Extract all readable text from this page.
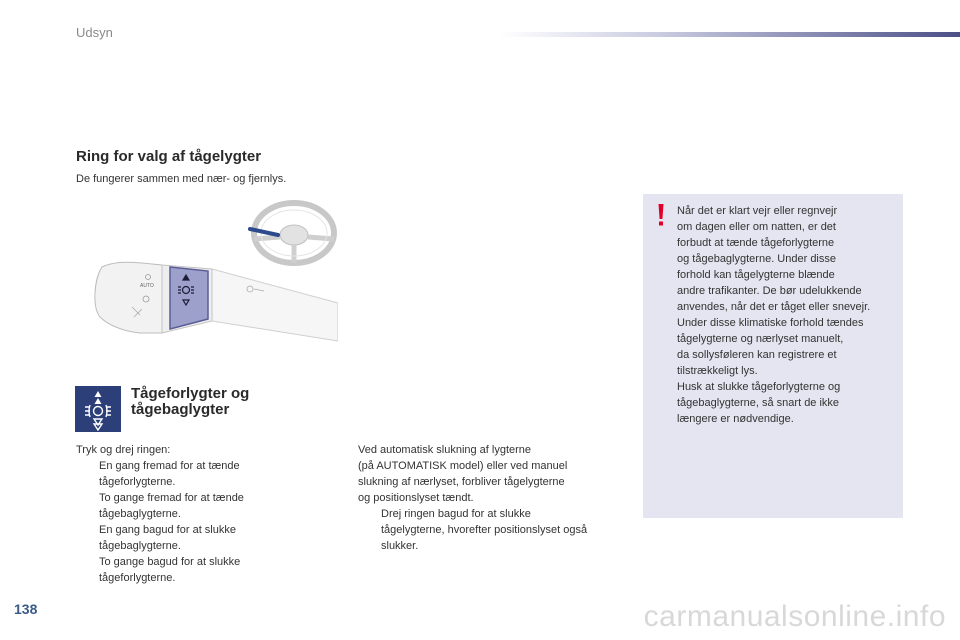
Udsyn
Ring for valg af tågelygter
De fungerer sammen med nær- og fjernlys.
AUTO
Tågeforlygter og
tågebaglygter
Tryk og drej ringen:
En gang fremad for at tænde
tågeforlygterne.
To gange fremad for at tænde
tågebaglygterne.
En gang bagud for at slukke
tågebaglygterne.
To gange bagud for at slukke
tågeforlygterne.
Ved automatisk slukning af lygterne
(på AUTOMATISK model) eller ved manuel
slukning af nærlyset, forbliver tågelygterne
og positionslyset tændt.
Drej ringen bagud for at slukke
tågelygterne, hvorefter positionslyset også
slukker.
Når det er klart vejr eller regnvejr
om dagen eller om natten, er det
forbudt at tænde tågeforlygterne
og tågebaglygterne. Under disse
forhold kan tågelygterne blænde
andre trafikanter. De bør udelukkende
anvendes, når det er tåget eller snevejr.
Under disse klimatiske forhold tændes
tågelygterne og nærlyset manuelt,
da sollysføleren kan registrere et
tilstrækkeligt lys.
Husk at slukke tågeforlygterne og
tågebaglygterne, så snart de ikke
længere er nødvendige.
138	carmanualsonline.info
